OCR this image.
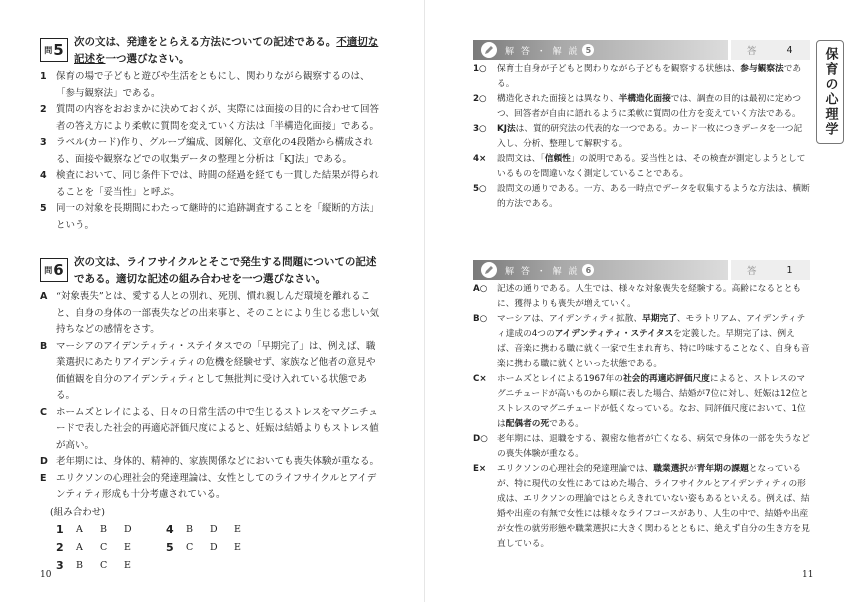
問 5 次の文は、発達をとらえる方法についての記述である。不適切な記述を一つ選びなさい。
1 保育の場で子どもと遊びや生活をともにし、関わりながら観察するのは、「参与観察法」である。
2 質問の内容をおおまかに決めておくが、実際には面接の目的に合わせて回答者の答え方により柔軟に質問を変えていく方法は「半構造化面接」である。
3 ラベル(カード)作り、グループ編成、図解化、文章化の4段階から構成される、面接や観察などでの収集データの整理と分析は「KJ法」である。
4 検査において、同じ条件下では、時間の経過を経ても一貫した結果が得られることを「妥当性」と呼ぶ。
5 同一の対象を長期間にわたって継時的に追跡調査することを「縦断的方法」という。
問 6 次の文は、ライフサイクルとそこで発生する問題についての記述である。適切な記述の組み合わせを一つ選びなさい。
A “対象喪失”とは、愛する人との別れ、死別、慣れ親しんだ環境を離れること、自身の身体の一部喪失などの出来事と、そのことにより生じる悲しい気持ちなどの感情をさす。
B マーシアのアイデンティティ・ステイタスでの「早期完了」は、例えば、職業選択にあたりアイデンティティの危機を経験せず、家族など他者の意見や価値観を自分のアイデンティティとして無批判に受け入れている状態である。
C ホームズとレイによる、日々の日常生活の中で生じるストレスをマグニチュードで表した社会的再適応評価尺度によると、妊娠は結婚よりもストレス値が高い。
D 老年期には、身体的、精神的、家族関係などにおいても喪失体験が重なる。
E	エリクソンの心理社会的発達理論は、女性としてのライフサイクルとアイデンティティ形成も十分考慮されている。
(組み合わせ)
1	A	B	D	4	B	D	E
2	A	C	E	5	C	D	E
3	B	C	E
10
解 答 ・ 解 説 5	答	4
1○	保育士自身が子どもと関わりながら子どもを観察する状態は、参与観察法である。
2○	構造化された面接とは異なり、半構造化面接では、調査の目的は最初に定めつつ、回答者が自由に語れるように柔軟に質問の仕方を変えていく方法である。
3○	KJ法は、質的研究法の代表的な一つである。カード一枚につきデータを一つ記入し、分析、整理して解釈する。
4×	設問文は、「信頼性」の説明である。妥当性とは、その検査が測定しようとしているものを間違いなく測定していることである。
5○	設問文の通りである。一方、ある一時点でデータを収集するような方法は、横断的方法である。
解 答 ・ 解 説 6	答	1
A○	記述の通りである。人生では、様々な対象喪失を経験する。高齢になるとともに、獲得よりも喪失が増えていく。
B○	マーシアは、アイデンティティ拡散、早期完了、モラトリアム、アイデンティティ達成の4つのアイデンティティ・ステイタスを定義した。早期完了は、例えば、音楽に携わる職に就く一家で生まれ育ち、特に吟味することなく、自身も音楽に携わる職に就くといった状態である。
C×	ホームズとレイによる1967年の社会的再適応評価尺度によると、ストレスのマグニチュードが高いものから順に表した場合、結婚が7位に対し、妊娠は12位とストレスのマグニチュードが低くなっている。なお、同評価尺度において、1位は配偶者の死である。
D○	老年期には、退職をする、親密な他者が亡くなる、病気で身体の一部を失うなどの喪失体験が重なる。
E×	エリクソンの心理社会的発達理論では、職業選択が青年期の課題となっているが、特に現代の女性にあてはめた場合、ライフサイクルとアイデンティティの形成は、エリクソンの理論ではとらえきれていない姿もあるといえる。例えば、結婚や出産の有無で女性には様々なライフコースがあり、人生の中で、結婚や出産が女性の就労形態や職業選択に大きく関わるとともに、絶えず自分の生き方を見直している。
保育の心理学
11
